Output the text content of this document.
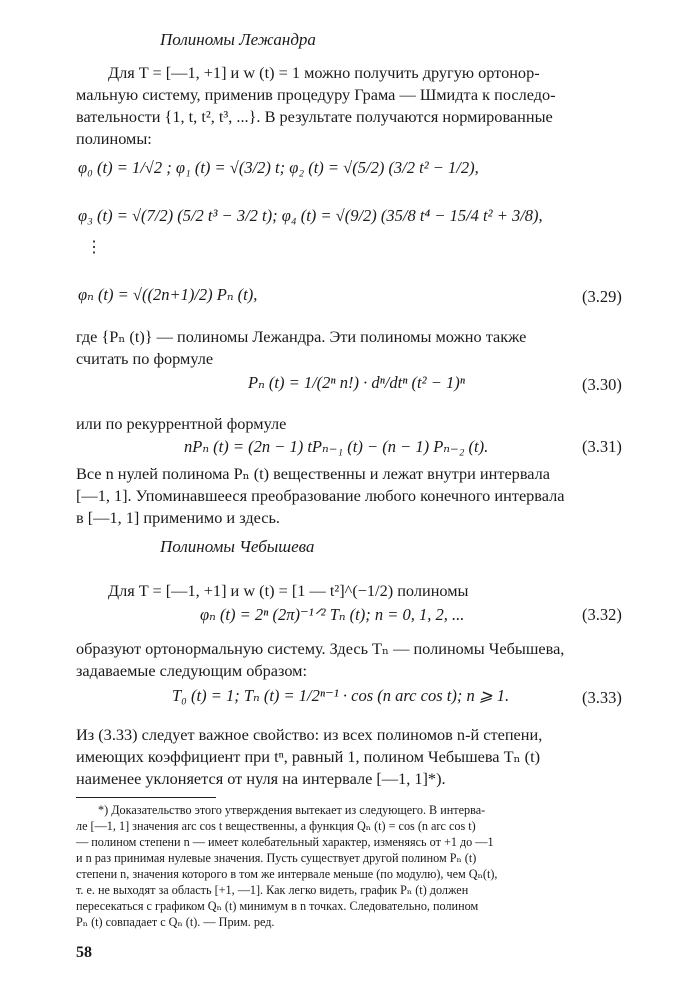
Полиномы Лежандра
Для T = [—1, +1] и w (t) = 1 можно получить другую ортонор-
мальную систему, применив процедуру Грама — Шмидта к последо-
вательности {1, t, t², t³, ...}. В результате получаются нормированные
полиномы:
φ₀ (t) = 1/√2 ; φ₁ (t) = √(3/2) t; φ₂ (t) = √(5/2) (3/2 t² − 1/2),
φ₃ (t) = √(7/2) (5/2 t³ − 3/2 t); φ₄ (t) = √(9/2) (35/8 t⁴ − 15/4 t² + 3/8),
⋮
φₙ (t) = √((2n+1)/2) Pₙ (t),	(3.29)
где {Pₙ (t)} — полиномы Лежандра. Эти полиномы можно также
считать по формуле
Pₙ (t) = 1/(2ⁿ n!) · dⁿ/dtⁿ (t² − 1)ⁿ	(3.30)
или по рекуррентной формуле
nPₙ (t) = (2n − 1) tPₙ₋₁ (t) − (n − 1) Pₙ₋₂ (t).	(3.31)
Все n нулей полинома Pₙ (t) вещественны и лежат внутри интервала
[—1, 1]. Упоминавшееся преобразование любого конечного интервала
в [—1, 1] применимо и здесь.
Полиномы Чебышева
Для T = [—1, +1] и w (t) = [1 — t²]^(−1/2) полиномы
φₙ (t) = 2ⁿ (2π)⁻¹ᐟ² Tₙ (t); n = 0, 1, 2, ...	(3.32)
образуют ортонормальную систему. Здесь Tₙ — полиномы Чебышева,
задаваемые следующим образом:
T₀ (t) = 1; Tₙ (t) = 1/2ⁿ⁻¹ · cos (n arc cos t); n ⩾ 1.	(3.33)
Из (3.33) следует важное свойство: из всех полиномов n-й степени,
имеющих коэффициент при tⁿ, равный 1, полином Чебышева Tₙ (t)
наименее уклоняется от нуля на интервале [—1, 1]*).
*) Доказательство этого утверждения вытекает из следующего. В интерва-
ле [—1, 1] значения arc cos t вещественны, а функция Qₙ (t) = cos (n arc cos t)
— полином степени n — имеет колебательный характер, изменяясь от +1 до —1
и n раз принимая нулевые значения. Пусть существует другой полином Pₙ (t)
степени n, значения которого в том же интервале меньше (по модулю), чем Qₙ(t),
т. е. не выходят за область [+1, —1]. Как легко видеть, график Pₙ (t) должен
пересекаться с графиком Qₙ (t) минимум в n точках. Следовательно, полином
Pₙ (t) совпадает с Qₙ (t). — Прим. ред.
58
